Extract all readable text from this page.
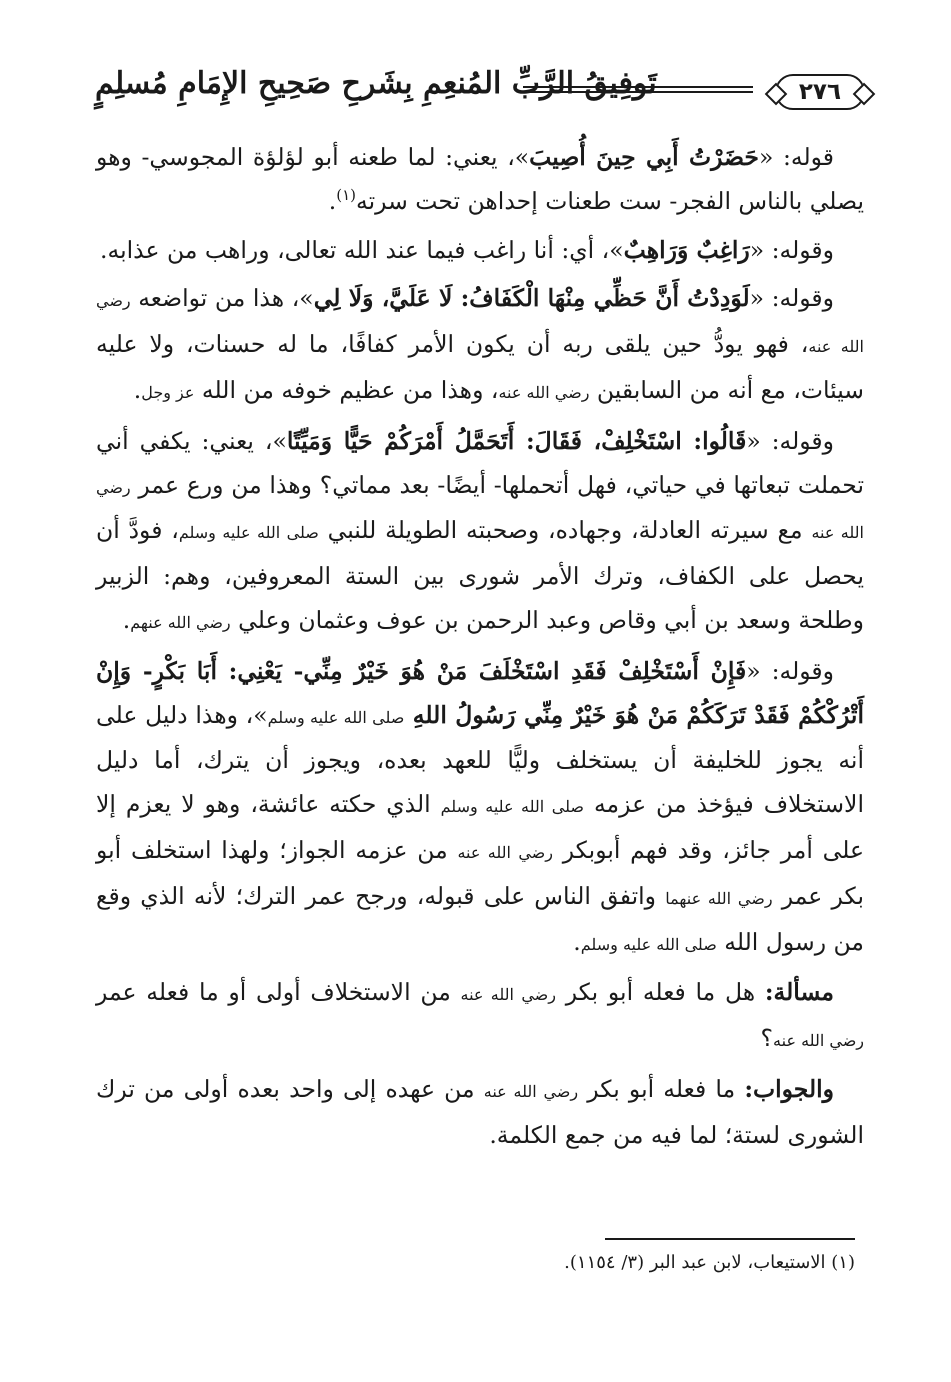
٢٧٦
تَوفِيقُ الرَّبِّ المُنعِمِ بِشَرحِ صَحِيحِ الإِمَامِ مُسلِمٍ

قوله: «حَضَرْتُ أَبِي حِينَ أُصِيبَ»، يعني: لما طعنه أبو لؤلؤة المجوسي- وهو يصلي بالناس الفجر- ست طعنات إحداهن تحت سرته$^{(١)}$.

وقوله: «رَاغِبٌ وَرَاهِبٌ»، أي: أنا راغب فيما عند الله تعالى، وراهب من عذابه.

وقوله: «لَوَدِدْتُ أَنَّ حَظِّي مِنْهَا الْكَفَافُ: لَا عَلَيَّ، وَلَا لِي»، هذا من تواضعه رضي الله عنه، فهو يودُّ حين يلقى ربه أن يكون الأمر كفافًا، ما له حسنات، ولا عليه سيئات، مع أنه من السابقين رضي الله عنه، وهذا من عظيم خوفه من الله عز وجل.

وقوله: «قَالُوا: اسْتَخْلِفْ، فَقَالَ: أَتَحَمَّلُ أَمْرَكُمْ حَيًّا وَمَيِّتًا»، يعني: يكفي أني تحملت تبعاتها في حياتي، فهل أتحملها- أيضًا- بعد مماتي؟ وهذا من ورع عمر رضي الله عنه مع سيرته العادلة، وجهاده، وصحبته الطويلة للنبي صلى الله عليه وسلم، فودَّ أن يحصل على الكفاف، وترك الأمر شورى بين الستة المعروفين، وهم: الزبير وطلحة وسعد بن أبي وقاص وعبد الرحمن بن عوف وعثمان وعلي رضي الله عنهم.

وقوله: «فَإِنْ أَسْتَخْلِفْ فَقَدِ اسْتَخْلَفَ مَنْ هُوَ خَيْرٌ مِنِّي- يَعْنِي: أَبَا بَكْرٍ- وَإِنْ أَتْرُكْكُمْ فَقَدْ تَرَكَكُمْ مَنْ هُوَ خَيْرٌ مِنِّي رَسُولُ اللهِ صلى الله عليه وسلم»، وهذا دليل على أنه يجوز للخليفة أن يستخلف وليًّا للعهد بعده، ويجوز أن يترك، أما دليل الاستخلاف فيؤخذ من عزمه صلى الله عليه وسلم الذي حكته عائشة، وهو لا يعزم إلا على أمر جائز، وقد فهم أبوبكر رضي الله عنه من عزمه الجواز؛ ولهذا استخلف أبو بكر عمر رضي الله عنهما واتفق الناس على قبوله، ورجح عمر الترك؛ لأنه الذي وقع من رسول الله صلى الله عليه وسلم.

مسألة: هل ما فعله أبو بكر رضي الله عنه من الاستخلاف أولى أو ما فعله عمر رضي الله عنه؟

والجواب: ما فعله أبو بكر رضي الله عنه من عهده إلى واحد بعده أولى من ترك الشورى لستة؛ لما فيه من جمع الكلمة.

(١) الاستيعاب، لابن عبد البر (٣/ ١١٥٤).
